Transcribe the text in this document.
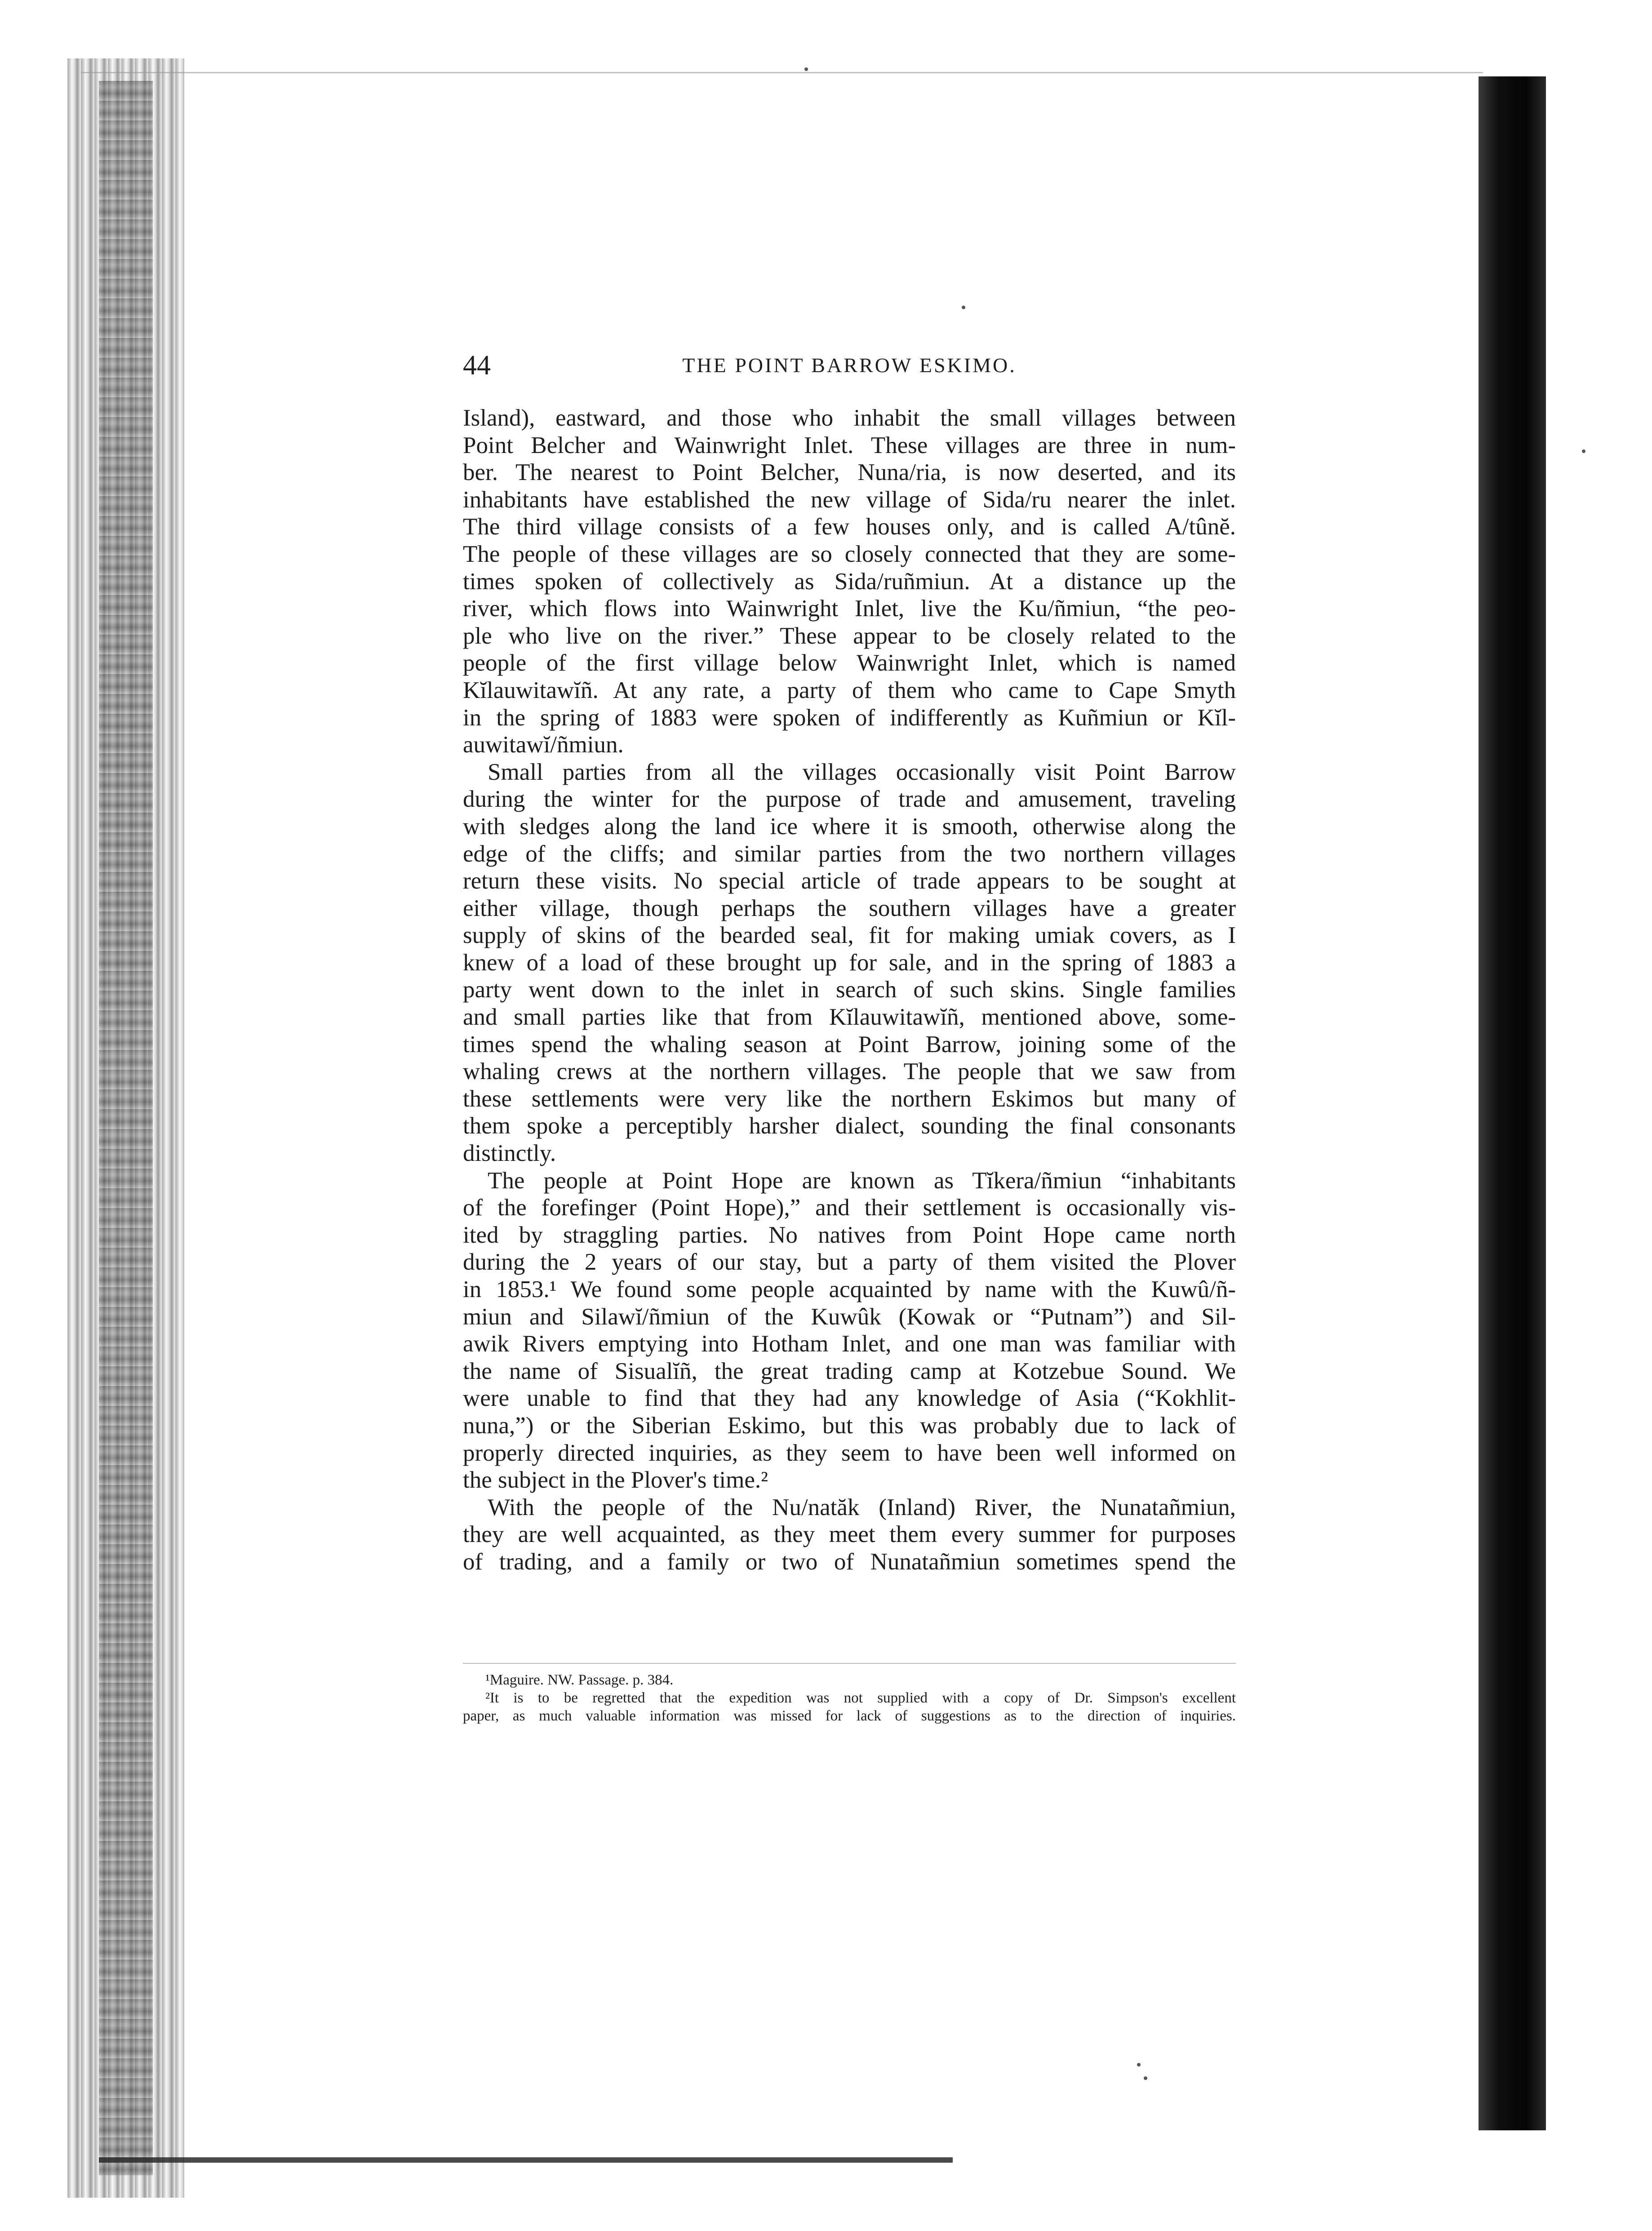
44	THE POINT BARROW ESKIMO.
Island), eastward, and those who inhabit the small villages between
Point Belcher and Wainwright Inlet. These villages are three in num-
ber. The nearest to Point Belcher, Nuna/ria, is now deserted, and its
inhabitants have established the new village of Sida/ru nearer the inlet.
The third village consists of a few houses only, and is called A/tûnĕ.
The people of these villages are so closely connected that they are some-
times spoken of collectively as Sida/ruñmiun. At a distance up the
river, which flows into Wainwright Inlet, live the Ku/ñmiun, “the peo-
ple who live on the river.” These appear to be closely related to the
people of the first village below Wainwright Inlet, which is named
Kĭlauwitawĭñ. At any rate, a party of them who came to Cape Smyth
in the spring of 1883 were spoken of indifferently as Kuñmiun or Kĭl-
auwitawĭ/ñmiun.
Small parties from all the villages occasionally visit Point Barrow
during the winter for the purpose of trade and amusement, traveling
with sledges along the land ice where it is smooth, otherwise along the
edge of the cliffs; and similar parties from the two northern villages
return these visits. No special article of trade appears to be sought at
either village, though perhaps the southern villages have a greater
supply of skins of the bearded seal, fit for making umiak covers, as I
knew of a load of these brought up for sale, and in the spring of 1883 a
party went down to the inlet in search of such skins. Single families
and small parties like that from Kĭlauwitawĭñ, mentioned above, some-
times spend the whaling season at Point Barrow, joining some of the
whaling crews at the northern villages. The people that we saw from
these settlements were very like the northern Eskimos but many of
them spoke a perceptibly harsher dialect, sounding the final consonants
distinctly.
The people at Point Hope are known as Tĭkera/ñmiun “inhabitants
of the forefinger (Point Hope),” and their settlement is occasionally vis-
ited by straggling parties. No natives from Point Hope came north
during the 2 years of our stay, but a party of them visited the Plover
in 1853.¹ We found some people acquainted by name with the Kuwû/ñ-
miun and Silawĭ/ñmiun of the Kuwûk (Kowak or “Putnam”) and Sil-
awik Rivers emptying into Hotham Inlet, and one man was familiar with
the name of Sisualĭñ, the great trading camp at Kotzebue Sound. We
were unable to find that they had any knowledge of Asia (“Kokhlit-
nuna,”) or the Siberian Eskimo, but this was probably due to lack of
properly directed inquiries, as they seem to have been well informed on
the subject in the Plover's time.²
With the people of the Nu/natăk (Inland) River, the Nunatañmiun,
they are well acquainted, as they meet them every summer for purposes
of trading, and a family or two of Nunatañmiun sometimes spend the
¹Maguire. NW. Passage. p. 384.
²It is to be regretted that the expedition was not supplied with a copy of Dr. Simpson's excellent
paper, as much valuable information was missed for lack of suggestions as to the direction of inquiries.
